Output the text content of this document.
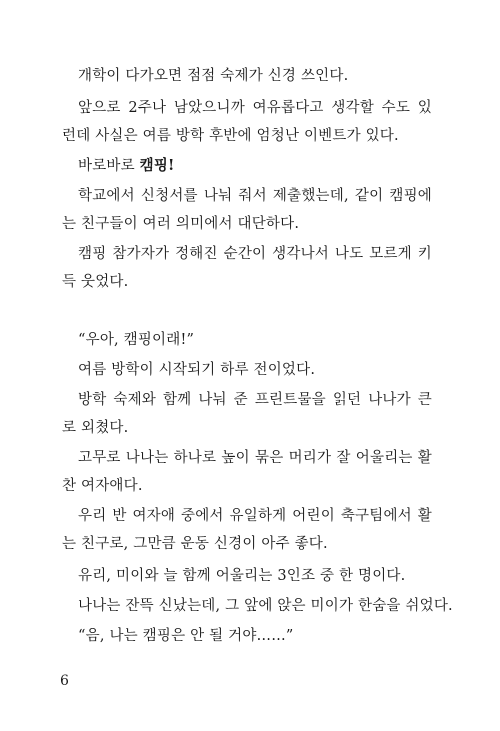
개학이 다가오면 점점 숙제가 신경 쓰인다.
앞으로 2주나 남았으니까 여유롭다고 생각할 수도 있
런데 사실은 여름 방학 후반에 엄청난 이벤트가 있다.
바로바로 캠핑!
학교에서 신청서를 나눠 줘서 제출했는데, 같이 캠핑에
는 친구들이 여러 의미에서 대단하다.
캠핑 참가자가 정해진 순간이 생각나서 나도 모르게 키
득 웃었다.
“우아, 캠핑이래!”
여름 방학이 시작되기 하루 전이었다.
방학 숙제와 함께 나눠 준 프린트물을 읽던 나나가 큰
로 외쳤다.
고무로 나나는 하나로 높이 묶은 머리가 잘 어울리는 활
찬 여자애다.
우리 반 여자애 중에서 유일하게 어린이 축구팀에서 활
는 친구로, 그만큼 운동 신경이 아주 좋다.
유리, 미이와 늘 함께 어울리는 3인조 중 한 명이다.
나나는 잔뜩 신났는데, 그 앞에 앉은 미이가 한숨을 쉬었다.
“음, 나는 캠핑은 안 될 거야……”
6
